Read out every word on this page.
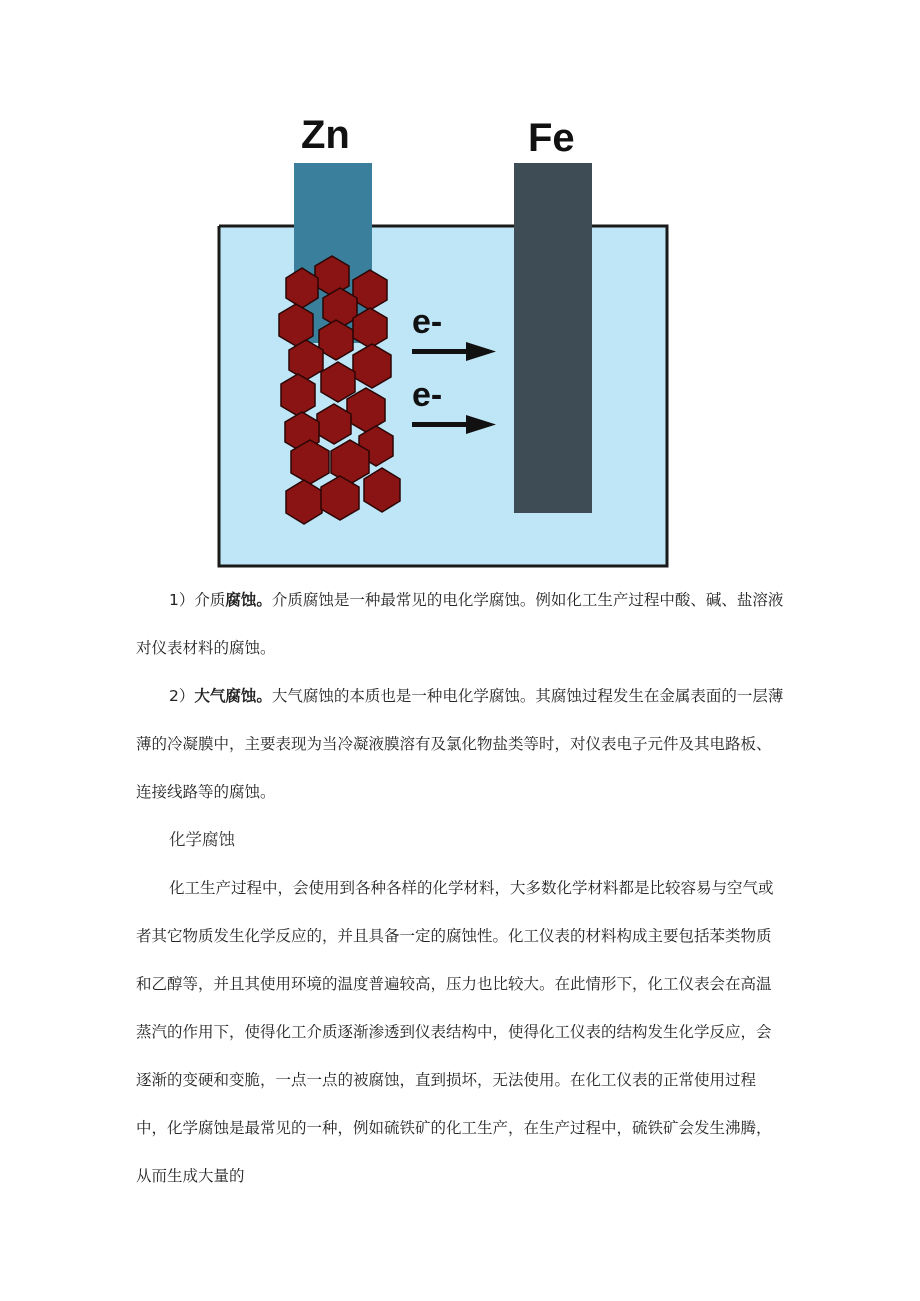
Zn	Fe
e-
e-

1）介质腐蚀。介质腐蚀是一种最常见的电化学腐蚀。例如化工生产过程中酸、碱、盐溶液对仪表材料的腐蚀。

2）大气腐蚀。大气腐蚀的本质也是一种电化学腐蚀。其腐蚀过程发生在金属表面的一层薄薄的冷凝膜中，主要表现为当冷凝液膜溶有及氯化物盐类等时，对仪表电子元件及其电路板、连接线路等的腐蚀。

化学腐蚀

化工生产过程中，会使用到各种各样的化学材料，大多数化学材料都是比较容易与空气或者其它物质发生化学反应的，并且具备一定的腐蚀性。化工仪表的材料构成主要包括苯类物质和乙醇等，并且其使用环境的温度普遍较高，压力也比较大。在此情形下，化工仪表会在高温蒸汽的作用下，使得化工介质逐渐渗透到仪表结构中，使得化工仪表的结构发生化学反应，会逐渐的变硬和变脆，一点一点的被腐蚀，直到损坏，无法使用。在化工仪表的正常使用过程中，化学腐蚀是最常见的一种，例如硫铁矿的化工生产，在生产过程中，硫铁矿会发生沸腾，从而生成大量的
